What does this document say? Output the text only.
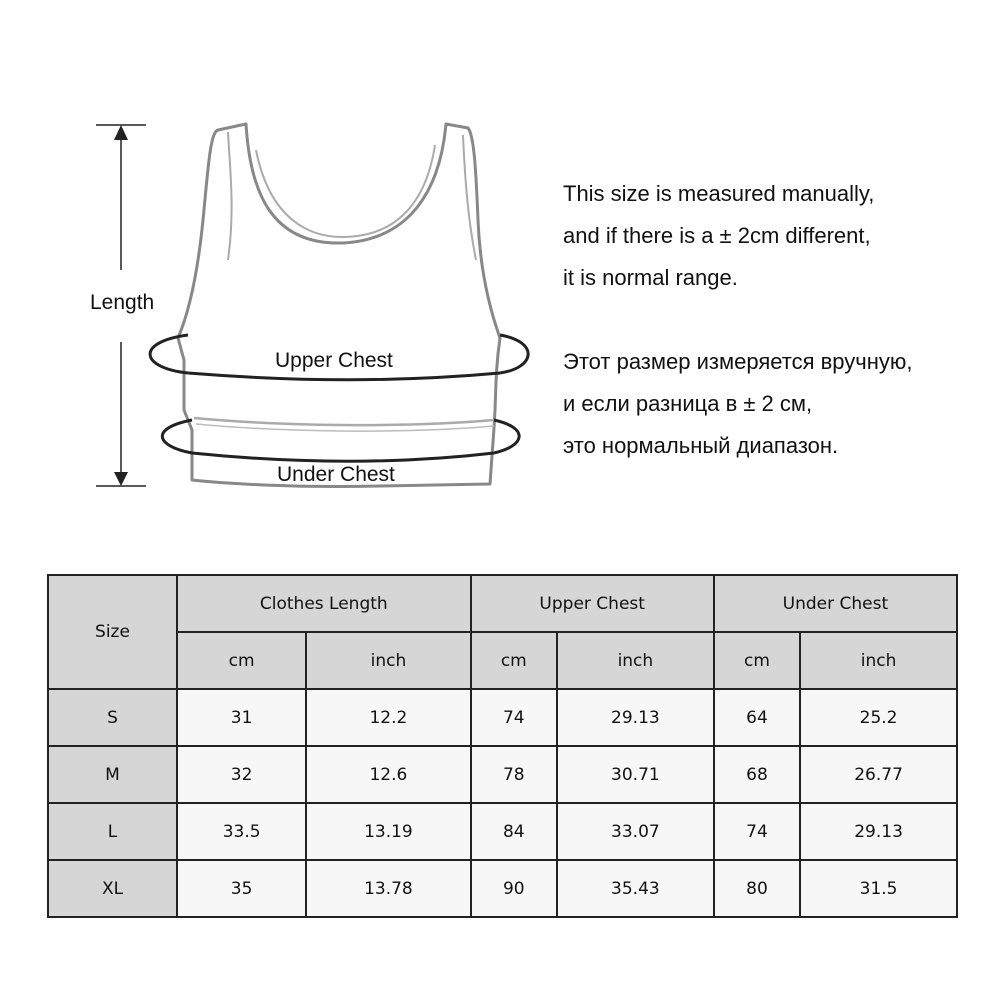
Length
Upper Chest
Under Chest
This size is measured manually,
and if there is a ± 2cm different,
it is normal range.
Этот размер измеряется вручную,
и если разница в ± 2 см,
это нормальный диапазон.
Size	Clothes Length		Upper Chest		Under Chest	
	cm	inch	cm	inch	cm	inch
S	31	12.2	74	29.13	64	25.2
M	32	12.6	78	30.71	68	26.77
L	33.5	13.19	84	33.07	74	29.13
XL	35	13.78	90	35.43	80	31.5
